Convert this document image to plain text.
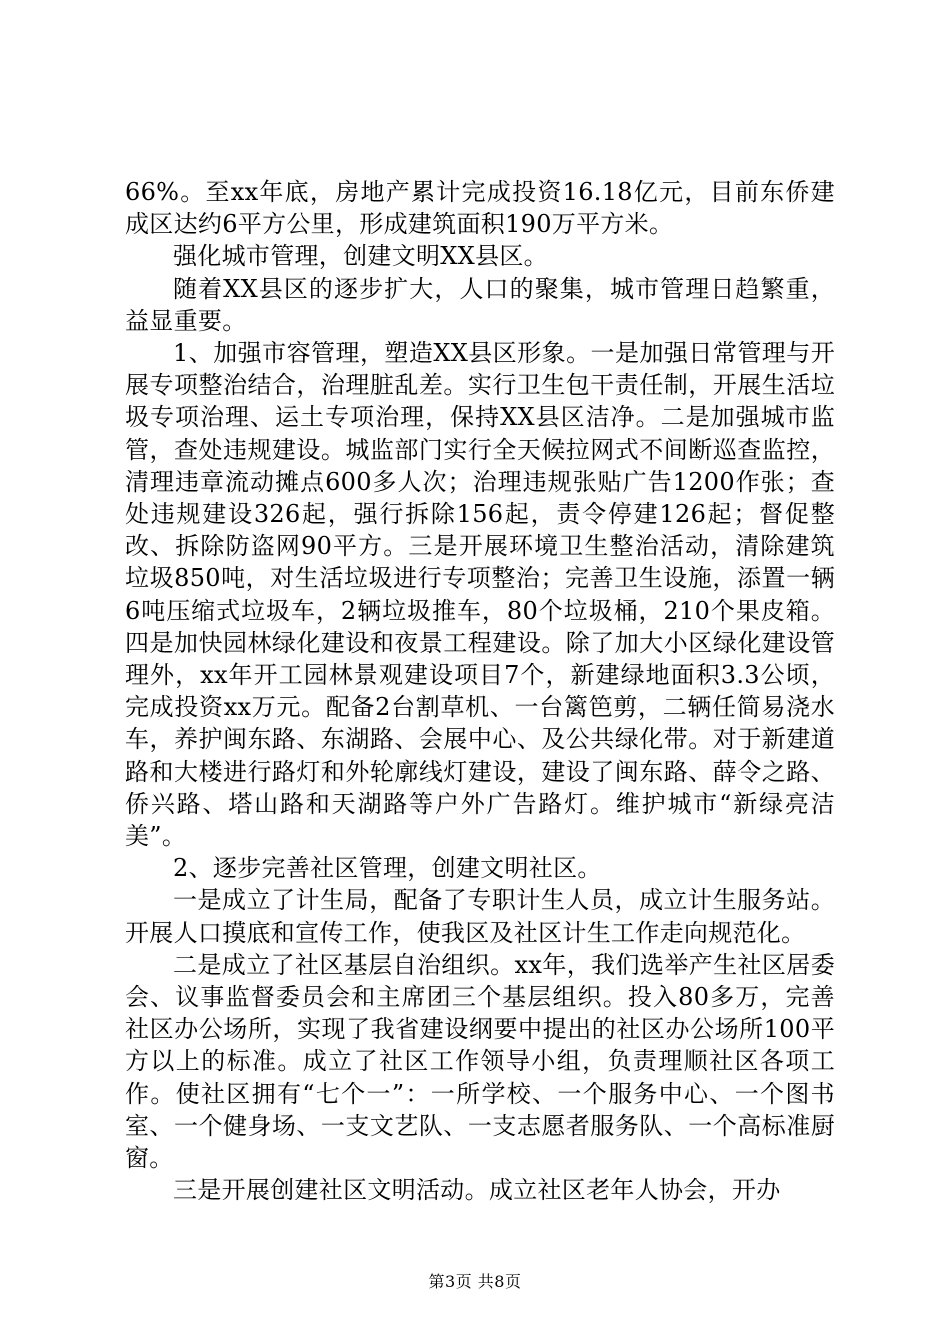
66%。至xx年底，房地产累计完成投资16.18亿元，目前东侨建成区达约6平方公里，形成建筑面积190万平方米。

强化城市管理，创建文明XX县区。

随着XX县区的逐步扩大，人口的聚集，城市管理日趋繁重，益显重要。

1、加强市容管理，塑造XX县区形象。一是加强日常管理与开展专项整治结合，治理脏乱差。实行卫生包干责任制，开展生活垃圾专项治理、运土专项治理，保持XX县区洁净。二是加强城市监管，查处违规建设。城监部门实行全天候拉网式不间断巡查监控，清理违章流动摊点600多人次；治理违规张贴广告1200作张；查处违规建设326起，强行拆除156起，责令停建126起；督促整改、拆除防盗网90平方。三是开展环境卫生整治活动，清除建筑垃圾850吨，对生活垃圾进行专项整治；完善卫生设施，添置一辆6吨压缩式垃圾车，2辆垃圾推车，80个垃圾桶，210个果皮箱。四是加快园林绿化建设和夜景工程建设。除了加大小区绿化建设管理外，xx年开工园林景观建设项目7个，新建绿地面积3.3公顷，完成投资xx万元。配备2台割草机、一台篱笆剪，二辆任简易浇水车，养护闽东路、东湖路、会展中心、及公共绿化带。对于新建道路和大楼进行路灯和外轮廓线灯建设，建设了闽东路、薛令之路、侨兴路、塔山路和天湖路等户外广告路灯。维护城市“新绿亮洁美”。

2、逐步完善社区管理，创建文明社区。

一是成立了计生局，配备了专职计生人员，成立计生服务站。开展人口摸底和宣传工作，使我区及社区计生工作走向规范化。

二是成立了社区基层自治组织。xx年，我们选举产生社区居委会、议事监督委员会和主席团三个基层组织。投入80多万，完善社区办公场所，实现了我省建设纲要中提出的社区办公场所100平方以上的标准。成立了社区工作领导小组，负责理顺社区各项工作。使社区拥有“七个一”：一所学校、一个服务中心、一个图书室、一个健身场、一支文艺队、一支志愿者服务队、一个高标准厨窗。

三是开展创建社区文明活动。成立社区老年人协会，开办

第3页 共8页
